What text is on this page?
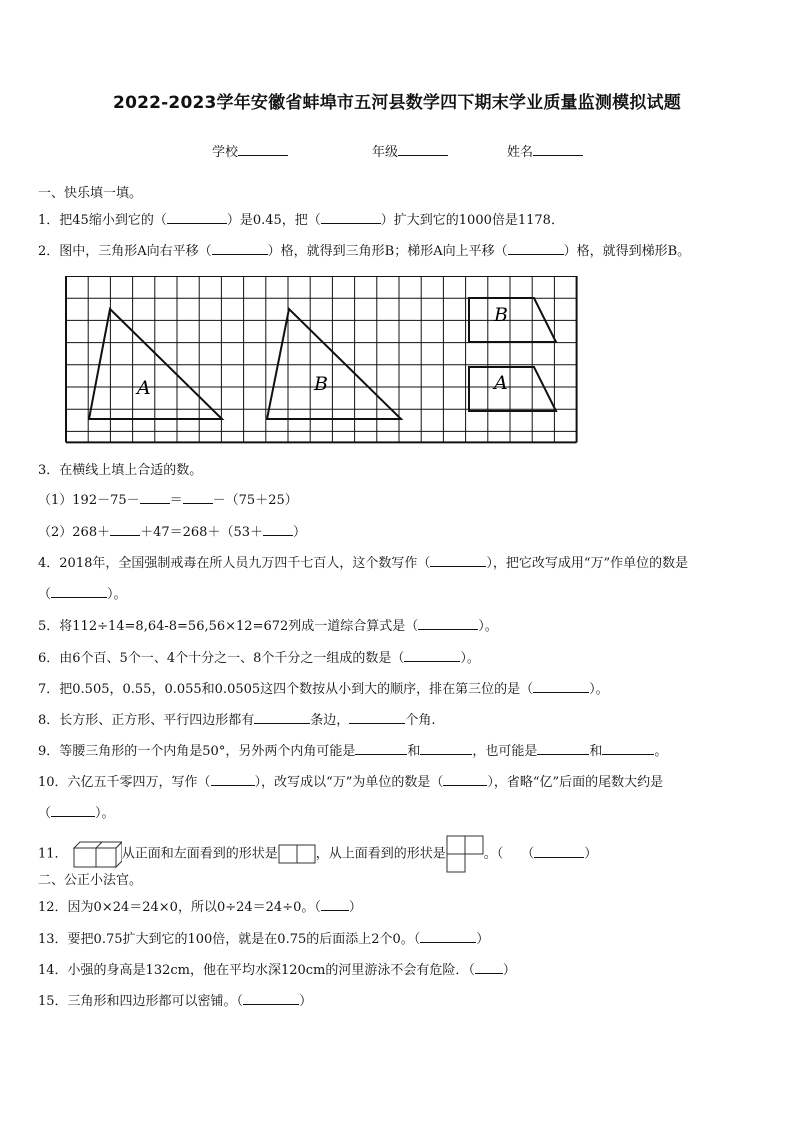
2022-2023学年安徽省蚌埠市五河县数学四下期末学业质量监测模拟试题
学校	年级	姓名
一、快乐填一填。
1．把45缩小到它的（	）是0.45，把（	）扩大到它的1000倍是1178．
2．图中，三角形A向右平移（	）格，就得到三角形B；梯形A向上平移（	）格，就得到梯形B。
A	B
B
A
3．在横线上填上合适的数。
（1）192－75－ ＝ －（75＋25）
（2）268＋ ＋47＝268＋（53＋ ）
4．2018年，全国强制戒毒在所人员九万四千七百人，这个数写作（	），把它改写成用“万”作单位的数是
（	）。
5．将112÷14=8,64-8=56,56×12=672列成一道综合算式是（	）。
6．由6个百、5个一、4个十分之一、8个千分之一组成的数是（	）。
7．把0.505，0.55，0.055和0.0505这四个数按从小到大的顺序，排在第三位的是（	）。
8．长方形、正方形、平行四边形都有	条边，	个角.
9．等腰三角形的一个内角是50°，另外两个内角可能是	和	，也可能是	和	。
10．六亿五千零四万，写作（	），改写成以“万”为单位的数是（	），省略“亿”后面的尾数大约是
（	）。
11．	从正面和左面看到的形状是	，从上面看到的形状是	。（ （	）
二、公正小法官。
12．因为0×24＝24×0，所以0÷24＝24÷0。（ ）
13．要把0.75扩大到它的100倍，就是在0.75的后面添上2个0。（	）
14．小强的身高是132cm，他在平均水深120cm的河里游泳不会有危险．（ ）
15．三角形和四边形都可以密铺。（	）
